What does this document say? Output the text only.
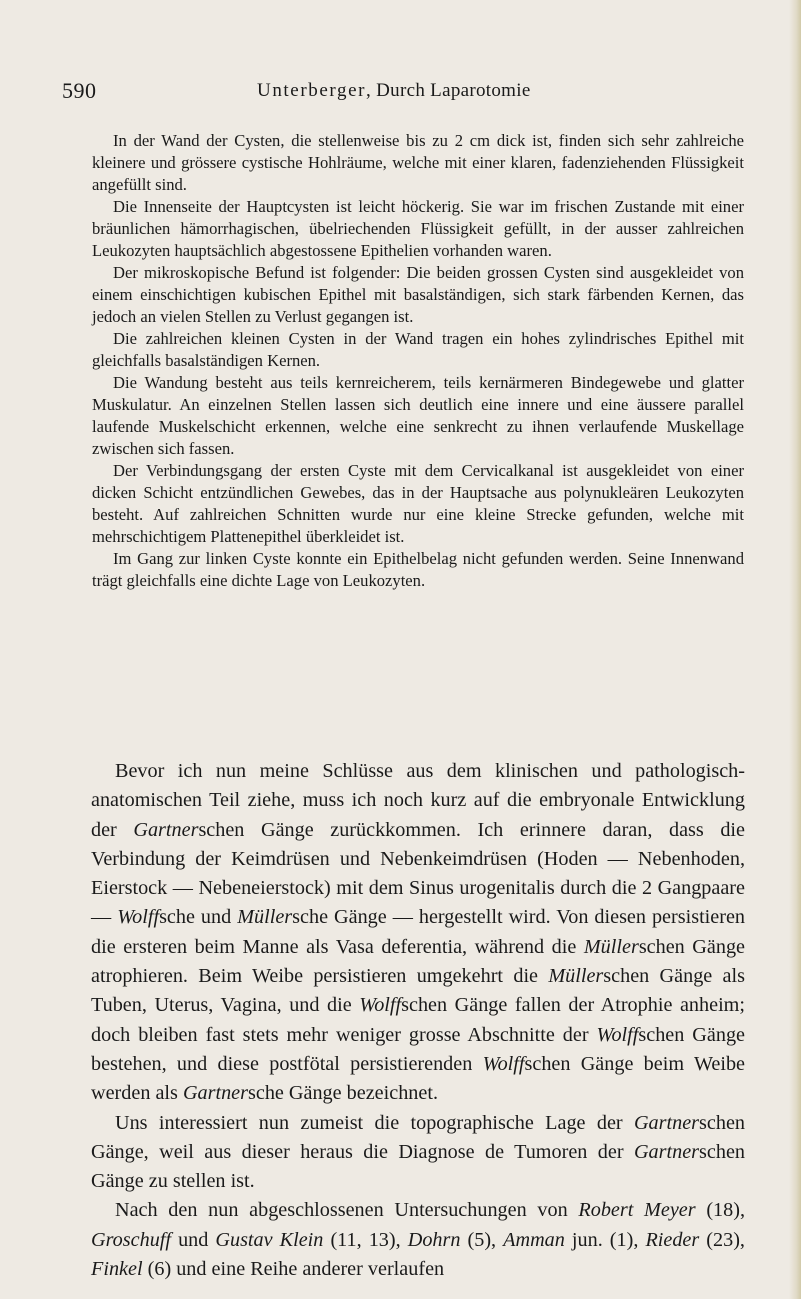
590	Unterberger, Durch Laparotomie

In der Wand der Cysten, die stellenweise bis zu 2 cm dick ist, finden sich sehr zahlreiche kleinere und grössere cystische Hohlräume, welche mit einer klaren, fadenziehenden Flüssigkeit angefüllt sind.

Die Innenseite der Hauptcysten ist leicht höckerig. Sie war im frischen Zustande mit einer bräunlichen hämorrhagischen, übelriechenden Flüssigkeit gefüllt, in der ausser zahlreichen Leukozyten hauptsächlich abgestossene Epithelien vorhanden waren.

Der mikroskopische Befund ist folgender: Die beiden grossen Cysten sind ausgekleidet von einem einschichtigen kubischen Epithel mit basalständigen, sich stark färbenden Kernen, das jedoch an vielen Stellen zu Verlust gegangen ist.

Die zahlreichen kleinen Cysten in der Wand tragen ein hohes zylindrisches Epithel mit gleichfalls basalständigen Kernen.

Die Wandung besteht aus teils kernreicherem, teils kernärmeren Bindegewebe und glatter Muskulatur. An einzelnen Stellen lassen sich deutlich eine innere und eine äussere parallel laufende Muskelschicht erkennen, welche eine senkrecht zu ihnen verlaufende Muskellage zwischen sich fassen.

Der Verbindungsgang der ersten Cyste mit dem Cervicalkanal ist ausgekleidet von einer dicken Schicht entzündlichen Gewebes, das in der Hauptsache aus polynukleären Leukozyten besteht. Auf zahlreichen Schnitten wurde nur eine kleine Strecke gefunden, welche mit mehrschichtigem Plattenepithel überkleidet ist.

Im Gang zur linken Cyste konnte ein Epithelbelag nicht gefunden werden. Seine Innenwand trägt gleichfalls eine dichte Lage von Leukozyten.

Bevor ich nun meine Schlüsse aus dem klinischen und pathologisch-anatomischen Teil ziehe, muss ich noch kurz auf die embryonale Entwicklung der Gartnerschen Gänge zurückkommen. Ich erinnere daran, dass die Verbindung der Keimdrüsen und Nebenkeimdrüsen (Hoden — Nebenhoden, Eierstock — Nebeneierstock) mit dem Sinus urogenitalis durch die 2 Gangpaare — Wolffsche und Müllersche Gänge — hergestellt wird. Von diesen persistieren die ersteren beim Manne als Vasa deferentia, während die Müllerschen Gänge atrophieren. Beim Weibe persistieren umgekehrt die Müllerschen Gänge als Tuben, Uterus, Vagina, und die Wolffschen Gänge fallen der Atrophie anheim; doch bleiben fast stets mehr weniger grosse Abschnitte der Wolffschen Gänge bestehen, und diese postfötal persistierenden Wolffschen Gänge beim Weibe werden als Gartnersche Gänge bezeichnet.

Uns interessiert nun zumeist die topographische Lage der Gartnerschen Gänge, weil aus dieser heraus die Diagnose de Tumoren der Gartnerschen Gänge zu stellen ist.

Nach den nun abgeschlossenen Untersuchungen von Robert Meyer (18), Groschuff und Gustav Klein (11, 13), Dohrn (5), Amman jun. (1), Rieder (23), Finkel (6) und eine Reihe anderer verlaufen
